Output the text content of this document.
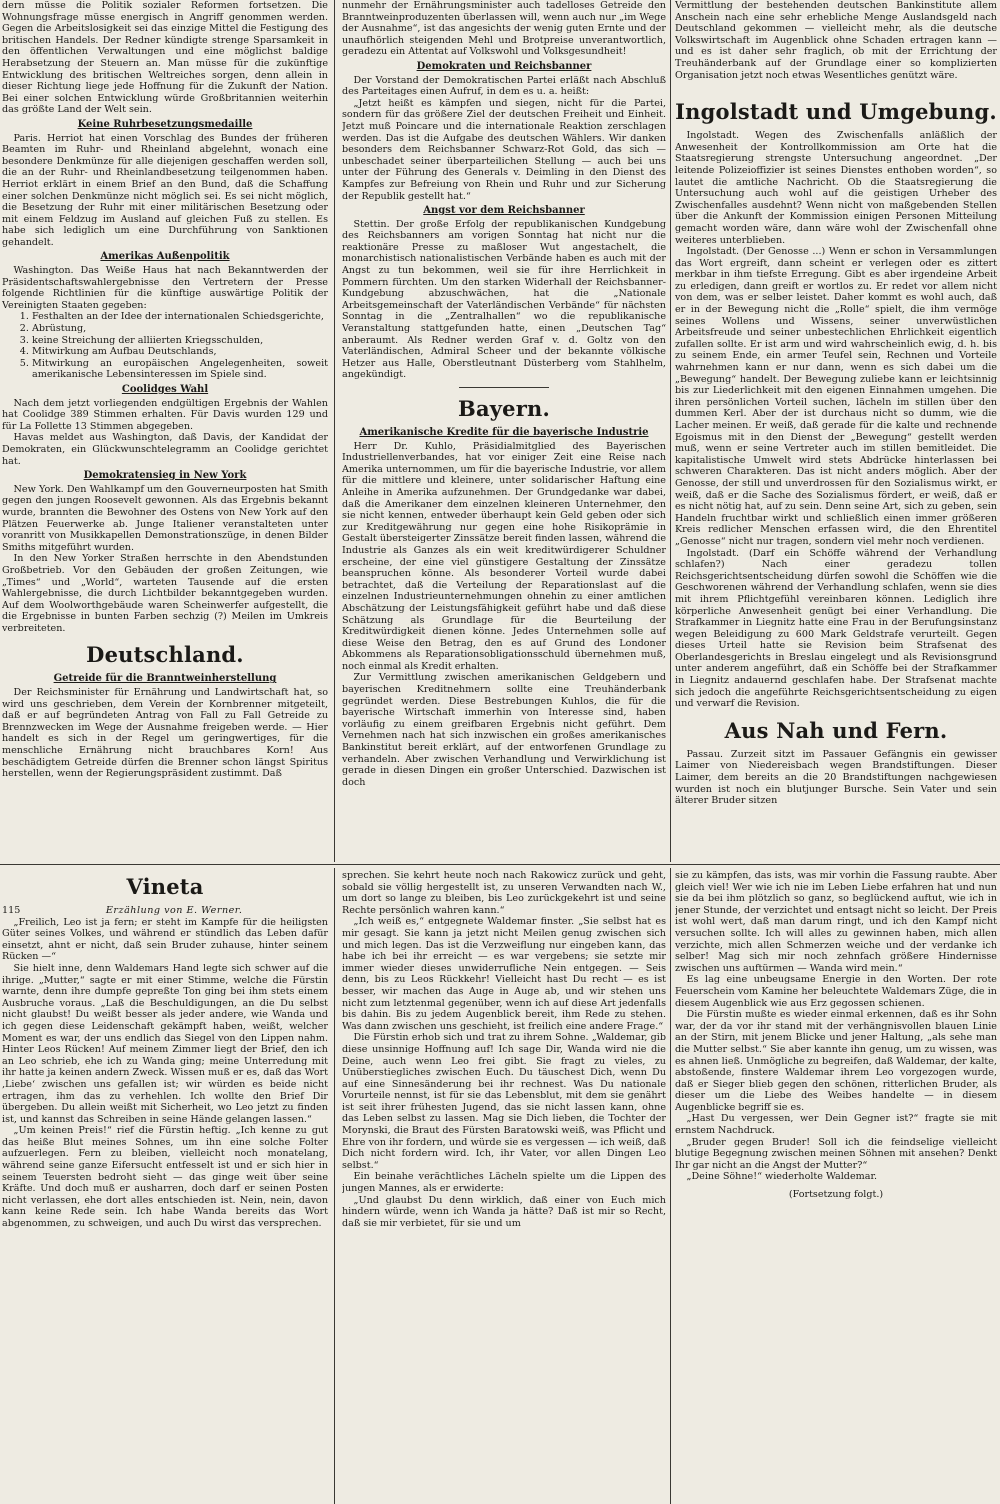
dern müsse die Politik sozialer Reformen fortsetzen. Die Wohnungsfrage müsse energisch in Angriff genommen werden. Gegen die Arbeitslosigkeit sei das einzige Mittel die Festigung des britischen Handels. Der Redner kündigte strenge Sparsamkeit in den öffentlichen Verwaltungen und eine möglichst baldige Herabsetzung der Steuern an. Man müsse für die zukünftige Entwicklung des britischen Weltreiches sorgen, denn allein in dieser Richtung liege jede Hoffnung für die Zukunft der Nation. Bei einer solchen Entwicklung würde Großbritannien weiterhin das größte Land der Welt sein.

Keine Ruhrbesetzungsmedaille

Paris. Herriot hat einen Vorschlag des Bundes der früheren Beamten im Ruhr- und Rheinland abgelehnt, wonach eine besondere Denkmünze für alle diejenigen geschaffen werden soll, die an der Ruhr- und Rheinlandbesetzung teilgenommen haben. Herriot erklärt in einem Brief an den Bund, daß die Schaffung einer solchen Denkmünze nicht möglich sei. Es sei nicht möglich, die Besetzung der Ruhr mit einer militärischen Besetzung oder mit einem Feldzug im Ausland auf gleichen Fuß zu stellen. Es habe sich lediglich um eine Durchführung von Sanktionen gehandelt.

Amerikas Außenpolitik

Washington. Das Weiße Haus hat nach Bekanntwerden der Präsidentschaftswahlergebnisse den Vertretern der Presse folgende Richtlinien für die künftige auswärtige Politik der Vereinigten Staaten gegeben:

1. Festhalten an der Idee der internationalen Schiedsgerichte,
2. Abrüstung,
3. keine Streichung der alliierten Kriegsschulden,
4. Mitwirkung am Aufbau Deutschlands,
5. Mitwirkung an europäischen Angelegenheiten, soweit amerikanische Lebensinteressen im Spiele sind.
Coolidges Wahl

Nach dem jetzt vorliegenden endgültigen Ergebnis der Wahlen hat Coolidge 389 Stimmen erhalten. Für Davis wurden 129 und für La Follette 13 Stimmen abgegeben.

Havas meldet aus Washington, daß Davis, der Kandidat der Demokraten, ein Glückwunschtelegramm an Coolidge gerichtet hat.

Demokratensieg in New York

New York. Den Wahlkampf um den Gouverneurposten hat Smith gegen den jungen Roosevelt gewonnen. Als das Ergebnis bekannt wurde, brannten die Bewohner des Ostens von New York auf den Plätzen Feuerwerke ab. Junge Italiener veranstalteten unter voranritt von Musikkapellen Demonstrationszüge, in denen Bilder Smiths mitgeführt wurden.

In den New Yorker Straßen herrschte in den Abendstunden Großbetrieb. Vor den Gebäuden der großen Zeitungen, wie „Times“ und „World“, warteten Tausende auf die ersten Wahlergebnisse, die durch Lichtbilder bekanntgegeben wurden. Auf dem Woolworthgebäude waren Scheinwerfer aufgestellt, die die Ergebnisse in bunten Farben sechzig (?) Meilen im Umkreis verbreiteten.

Deutschland.
Getreide für die Branntweinherstellung

Der Reichsminister für Ernährung und Landwirtschaft hat, so wird uns geschrieben, dem Verein der Kornbrenner mitgeteilt, daß er auf begründeten Antrag von Fall zu Fall Getreide zu Brennzwecken im Wege der Ausnahme freigeben werde. — Hier handelt es sich in der Regel um geringwertiges, für die menschliche Ernährung nicht brauchbares Korn! Aus beschädigtem Getreide dürfen die Brenner schon längst Spiritus herstellen, wenn der Regierungspräsident zustimmt. Daß

nunmehr der Ernährungsminister auch tadelloses Getreide den Branntweinproduzenten überlassen will, wenn auch nur „im Wege der Ausnahme“, ist das angesichts der wenig guten Ernte und der unaufhörlich steigenden Mehl und Brotpreise unverantwortlich, geradezu ein Attentat auf Volkswohl und Volksgesundheit!

Demokraten und Reichsbanner

Der Vorstand der Demokratischen Partei erläßt nach Abschluß des Parteitages einen Aufruf, in dem es u. a. heißt:

„Jetzt heißt es kämpfen und siegen, nicht für die Partei, sondern für das größere Ziel der deutschen Freiheit und Einheit. Jetzt muß Poincare und die internationale Reaktion zerschlagen werden. Das ist die Aufgabe des deutschen Wählers. Wir danken besonders dem Reichsbanner Schwarz-Rot Gold, das sich — unbeschadet seiner überparteilichen Stellung — auch bei uns unter der Führung des Generals v. Deimling in den Dienst des Kampfes zur Befreiung von Rhein und Ruhr und zur Sicherung der Republik gestellt hat.“

Angst vor dem Reichsbanner

Stettin. Der große Erfolg der republikanischen Kundgebung des Reichsbanners am vorigen Sonntag hat nicht nur die reaktionäre Presse zu maßloser Wut angestachelt, die monarchistisch nationalistischen Verbände haben es auch mit der Angst zu tun bekommen, weil sie für ihre Herrlichkeit in Pommern fürchten. Um den starken Widerhall der Reichsbanner-Kundgebung abzuschwächen, hat die „Nationale Arbeitsgemeinschaft der Vaterländischen Verbände“ für nächsten Sonntag in die „Zentralhallen“ wo die republikanische Veranstaltung stattgefunden hatte, einen „Deutschen Tag“ anberaumt. Als Redner werden Graf v. d. Goltz von den Vaterländischen, Admiral Scheer und der bekannte völkische Hetzer aus Halle, Oberstleutnant Düsterberg vom Stahlhelm, angekündigt.

Bayern.
Amerikanische Kredite für die bayerische Industrie

Herr Dr. Kuhlo, Präsidialmitglied des Bayerischen Industriellenverbandes, hat vor einiger Zeit eine Reise nach Amerika unternommen, um für die bayerische Industrie, vor allem für die mittlere und kleinere, unter solidarischer Haftung eine Anleihe in Amerika aufzunehmen. Der Grundgedanke war dabei, daß die Amerikaner dem einzelnen kleineren Unternehmer, den sie nicht kennen, entweder überhaupt kein Geld geben oder sich zur Kreditgewährung nur gegen eine hohe Risikoprämie in Gestalt übersteigerter Zinssätze bereit finden lassen, während die Industrie als Ganzes als ein weit kreditwürdigerer Schuldner erscheine, der eine viel günstigere Gestaltung der Zinssätze beanspruchen könne. Als besonderer Vorteil wurde dabei betrachtet, daß die Verteilung der Reparationslast auf die einzelnen Industrieunternehmungen ohnehin zu einer amtlichen Abschätzung der Leistungsfähigkeit geführt habe und daß diese Schätzung als Grundlage für die Beurteilung der Kreditwürdigkeit dienen könne. Jedes Unternehmen solle auf diese Weise den Betrag, den es auf Grund des Londoner Abkommens als Reparationsobligationsschuld übernehmen muß, noch einmal als Kredit erhalten.

Zur Vermittlung zwischen amerikanischen Geldgebern und bayerischen Kreditnehmern sollte eine Treuhänderbank gegründet werden. Diese Bestrebungen Kuhlos, die für die bayerische Wirtschaft immerhin von Interesse sind, haben vorläufig zu einem greifbaren Ergebnis nicht geführt. Dem Vernehmen nach hat sich inzwischen ein großes amerikanisches Bankinstitut bereit erklärt, auf der entworfenen Grundlage zu verhandeln. Aber zwischen Verhandlung und Verwirklichung ist gerade in diesen Dingen ein großer Unterschied. Dazwischen ist doch

Vermittlung der bestehenden deutschen Bankinstitute allem Anschein nach eine sehr erhebliche Menge Auslandsgeld nach Deutschland gekommen — vielleicht mehr, als die deutsche Volkswirtschaft im Augenblick ohne Schaden ertragen kann — und es ist daher sehr fraglich, ob mit der Errichtung der Treuhänderbank auf der Grundlage einer so komplizierten Organisation jetzt noch etwas Wesentliches genützt wäre.

Ingolstadt und Umgebung.

Ingolstadt. Wegen des Zwischenfalls anläßlich der Anwesenheit der Kontrollkommission am Orte hat die Staatsregierung strengste Untersuchung angeordnet. „Der leitende Polizeioffizier ist seines Dienstes enthoben worden“, so lautet die amtliche Nachricht. Ob die Staatsregierung die Untersuchung auch wohl auf die geistigen Urheber des Zwischenfalles ausdehnt? Wenn nicht von maßgebenden Stellen über die Ankunft der Kommission einigen Personen Mitteilung gemacht worden wäre, dann wäre wohl der Zwischenfall ohne weiteres unterblieben.

Ingolstadt. (Der Genosse ...) Wenn er schon in Versammlungen das Wort ergreift, dann scheint er verlegen oder es zittert merkbar in ihm tiefste Erregung. Gibt es aber irgendeine Arbeit zu erledigen, dann greift er wortlos zu. Er redet vor allem nicht von dem, was er selber leistet. Daher kommt es wohl auch, daß er in der Bewegung nicht die „Rolle“ spielt, die ihm vermöge seines Wollens und Wissens, seiner unverwüstlichen Arbeitsfreude und seiner unbestechlichen Ehrlichkeit eigentlich zufallen sollte. Er ist arm und wird wahrscheinlich ewig, d. h. bis zu seinem Ende, ein armer Teufel sein, Rechnen und Vorteile wahrnehmen kann er nur dann, wenn es sich dabei um die „Bewegung“ handelt. Der Bewegung zuliebe kann er leichtsinnig bis zur Liederlichkeit mit den eigenen Einnahmen umgehen. Die ihren persönlichen Vorteil suchen, lächeln im stillen über den dummen Kerl. Aber der ist durchaus nicht so dumm, wie die Lacher meinen. Er weiß, daß gerade für die kalte und rechnende Egoismus mit in den Dienst der „Bewegung“ gestellt werden muß, wenn er seine Vertreter auch im stillen bemitleidet. Die kapitalistische Umwelt wird stets Abdrücke hinterlassen bei schweren Charakteren. Das ist nicht anders möglich. Aber der Genosse, der still und unverdrossen für den Sozialismus wirkt, er weiß, daß er die Sache des Sozialismus fördert, er weiß, daß er es nicht nötig hat, auf zu sein. Denn seine Art, sich zu geben, sein Handeln fruchtbar wirkt und schließlich einen immer größeren Kreis redlicher Menschen erfassen wird, die den Ehrentitel „Genosse“ nicht nur tragen, sondern viel mehr noch verdienen.

Ingolstadt. (Darf ein Schöffe während der Verhandlung schlafen?) Nach einer geradezu tollen Reichsgerichtsentscheidung dürfen sowohl die Schöffen wie die Geschworenen während der Verhandlung schlafen, wenn sie dies mit ihrem Pflichtgefühl vereinbaren können. Lediglich ihre körperliche Anwesenheit genügt bei einer Verhandlung. Die Strafkammer in Liegnitz hatte eine Frau in der Berufungsinstanz wegen Beleidigung zu 600 Mark Geldstrafe verurteilt. Gegen dieses Urteil hatte sie Revision beim Strafsenat des Oberlandesgerichts in Breslau eingelegt und als Revisionsgrund unter anderem angeführt, daß ein Schöffe bei der Strafkammer in Liegnitz andauernd geschlafen habe. Der Strafsenat machte sich jedoch die angeführte Reichsgerichtsentscheidung zu eigen und verwarf die Revision.

Aus Nah und Fern.

Passau. Zurzeit sitzt im Passauer Gefängnis ein gewisser Laimer von Niedereisbach wegen Brandstiftungen. Dieser Laimer, dem bereits an die 20 Brandstiftungen nachgewiesen wurden ist noch ein blutjunger Bursche. Sein Vater und sein älterer Bruder sitzen

Vineta
115	Erzählung von E. Werner.

„Freilich, Leo ist ja fern; er steht im Kampfe für die heiligsten Güter seines Volkes, und während er stündlich das Leben dafür einsetzt, ahnt er nicht, daß sein Bruder zuhause, hinter seinem Rücken —“

Sie hielt inne, denn Waldemars Hand legte sich schwer auf die ihrige. „Mutter,“ sagte er mit einer Stimme, welche die Fürstin warnte, denn ihre dumpfe gepreßte Ton ging bei ihm stets einem Ausbruche voraus. „Laß die Beschuldigungen, an die Du selbst nicht glaubst! Du weißt besser als jeder andere, wie Wanda und ich gegen diese Leidenschaft gekämpft haben, weißt, welcher Moment es war, der uns endlich das Siegel von den Lippen nahm. Hinter Leos Rücken! Auf meinem Zimmer liegt der Brief, den ich an Leo schrieb, ehe ich zu Wanda ging; meine Unterredung mit ihr hatte ja keinen andern Zweck. Wissen muß er es, daß das Wort ‚Liebe‘ zwischen uns gefallen ist; wir würden es beide nicht ertragen, ihm das zu verhehlen. Ich wollte den Brief Dir übergeben. Du allein weißt mit Sicherheit, wo Leo jetzt zu finden ist, und kannst das Schreiben in seine Hände gelangen lassen.“

„Um keinen Preis!“ rief die Fürstin heftig. „Ich kenne zu gut das heiße Blut meines Sohnes, um ihn eine solche Folter aufzuerlegen. Fern zu bleiben, vielleicht noch monatelang, während seine ganze Eifersucht entfesselt ist und er sich hier in seinem Teuersten bedroht sieht — das ginge weit über seine Kräfte. Und doch muß er ausharren, doch darf er seinen Posten nicht verlassen, ehe dort alles entschieden ist. Nein, nein, davon kann keine Rede sein. Ich habe Wanda bereits das Wort abgenommen, zu schweigen, und auch Du wirst das versprechen.

sprechen. Sie kehrt heute noch nach Rakowicz zurück und geht, sobald sie völlig hergestellt ist, zu unseren Verwandten nach W., um dort so lange zu bleiben, bis Leo zurückgekehrt ist und seine Rechte persönlich wahren kann.“

„Ich weiß es,“ entgegnete Waldemar finster. „Sie selbst hat es mir gesagt. Sie kann ja jetzt nicht Meilen genug zwischen sich und mich legen. Das ist die Verzweiflung nur eingeben kann, das habe ich bei ihr erreicht — es war vergebens; sie setzte mir immer wieder dieses unwiderrufliche Nein entgegen. — Seis denn, bis zu Leos Rückkehr! Vielleicht hast Du recht — es ist besser, wir machen das Auge in Auge ab, und wir stehen uns nicht zum letztenmal gegenüber, wenn ich auf diese Art jedenfalls bis dahin. Bis zu jedem Augenblick bereit, ihm Rede zu stehen. Was dann zwischen uns geschieht, ist freilich eine andere Frage.“

Die Fürstin erhob sich und trat zu ihrem Sohne. „Waldemar, gib diese unsinnige Hoffnung auf! Ich sage Dir, Wanda wird nie die Deine, auch wenn Leo frei gibt. Sie fragt zu vieles, zu Unüberstiegliches zwischen Euch. Du täuschest Dich, wenn Du auf eine Sinnesänderung bei ihr rechnest. Was Du nationale Vorurteile nennst, ist für sie das Lebensblut, mit dem sie genährt ist seit ihrer frühesten Jugend, das sie nicht lassen kann, ohne das Leben selbst zu lassen. Mag sie Dich lieben, die Tochter der Morynski, die Braut des Fürsten Baratowski weiß, was Pflicht und Ehre von ihr fordern, und würde sie es vergessen — ich weiß, daß Dich nicht fordern wird. Ich, ihr Vater, vor allen Dingen Leo selbst.“

Ein beinahe verächtliches Lächeln spielte um die Lippen des jungen Mannes, als er erwiderte:

„Und glaubst Du denn wirklich, daß einer von Euch mich hindern würde, wenn ich Wanda ja hätte? Daß ist mir so Recht, daß sie mir verbietet, für sie und um

sie zu kämpfen, das ists, was mir vorhin die Fassung raubte. Aber gleich viel! Wer wie ich nie im Leben Liebe erfahren hat und nun sie da bei ihm plötzlich so ganz, so beglückend auftut, wie ich in jener Stunde, der verzichtet und entsagt nicht so leicht. Der Preis ist wohl wert, daß man darum ringt, und ich den Kampf nicht versuchen sollte. Ich will alles zu gewinnen haben, mich allen verzichte, mich allen Schmerzen weiche und der verdanke ich selber! Mag sich mir noch zehnfach größere Hindernisse zwischen uns auftürmen — Wanda wird mein.“

Es lag eine unbeugsame Energie in den Worten. Der rote Feuerschein vom Kamine her beleuchtete Waldemars Züge, die in diesem Augenblick wie aus Erz gegossen schienen.

Die Fürstin mußte es wieder einmal erkennen, daß es ihr Sohn war, der da vor ihr stand mit der verhängnisvollen blauen Linie an der Stirn, mit jenem Blicke und jener Haltung, „als sehe man die Mutter selbst.“ Sie aber kannte ihn genug, um zu wissen, was es ahnen ließ. Unmögliche zu begreifen, daß Waldemar, der kalte, abstoßende, finstere Waldemar ihrem Leo vorgezogen wurde, daß er Sieger blieb gegen den schönen, ritterlichen Bruder, als dieser um die Liebe des Weibes handelte — in diesem Augenblicke begriff sie es.

„Hast Du vergessen, wer Dein Gegner ist?“ fragte sie mit ernstem Nachdruck.

„Bruder gegen Bruder! Soll ich die feindselige vielleicht blutige Begegnung zwischen meinen Söhnen mit ansehen? Denkt Ihr gar nicht an die Angst der Mutter?“

„Deine Söhne!“ wiederholte Waldemar.

(Fortsetzung folgt.)
